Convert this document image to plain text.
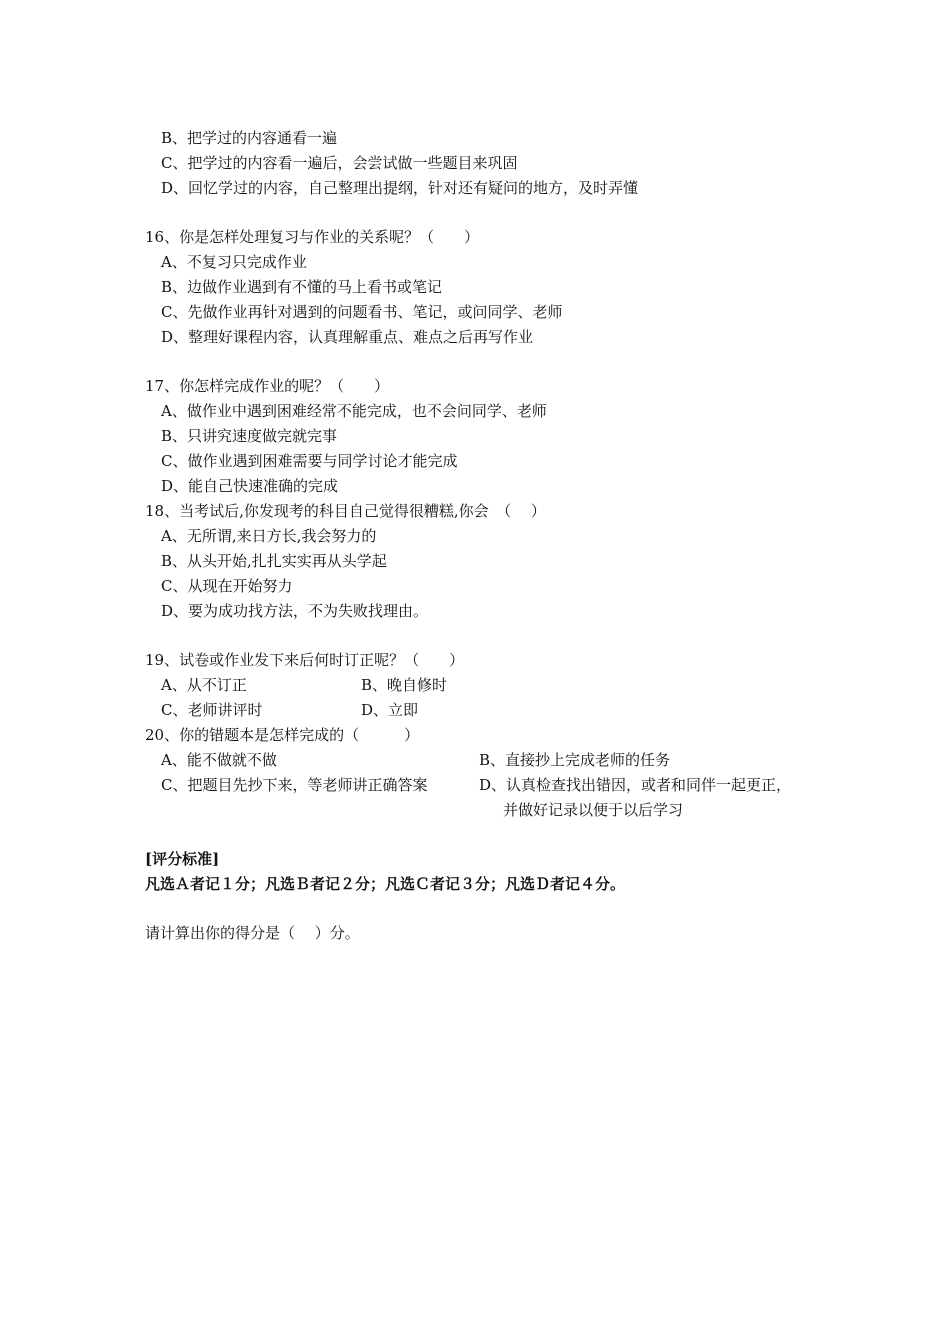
B、把学过的内容通看一遍
C、把学过的内容看一遍后，会尝试做一些题目来巩固
D、回忆学过的内容，自己整理出提纲，针对还有疑问的地方，及时弄懂
16、你是怎样处理复习与作业的关系呢？（　　）
A、不复习只完成作业
B、边做作业遇到有不懂的马上看书或笔记
C、先做作业再针对遇到的问题看书、笔记，或问同学、老师
D、整理好课程内容，认真理解重点、难点之后再写作业
17、你怎样完成作业的呢？（　　）
A、做作业中遇到困难经常不能完成，也不会问同学、老师
B、只讲究速度做完就完事
C、做作业遇到困难需要与同学讨论才能完成
D、能自己快速准确的完成
18、当考试后,你发现考的科目自己觉得很糟糕,你会　（　 ）
A、无所谓,来日方长,我会努力的
B、从头开始,扎扎实实再从头学起
C、从现在开始努力
D、要为成功找方法，不为失败找理由。
19、试卷或作业发下来后何时订正呢？（　　）
A、从不订正	B、晚自修时
C、老师讲评时	D、立即
20、你的错题本是怎样完成的（　　　）
A、能不做就不做	B、直接抄上完成老师的任务
C、把题目先抄下来，等老师讲正确答案	D、认真检查找出错因，或者和同伴一起更正，
并做好记录以便于以后学习
[评分标准]
凡选Ａ者记１分；凡选Ｂ者记２分；凡选Ｃ者记３分；凡选Ｄ者记４分。
请计算出你的得分是（　 ）分。
